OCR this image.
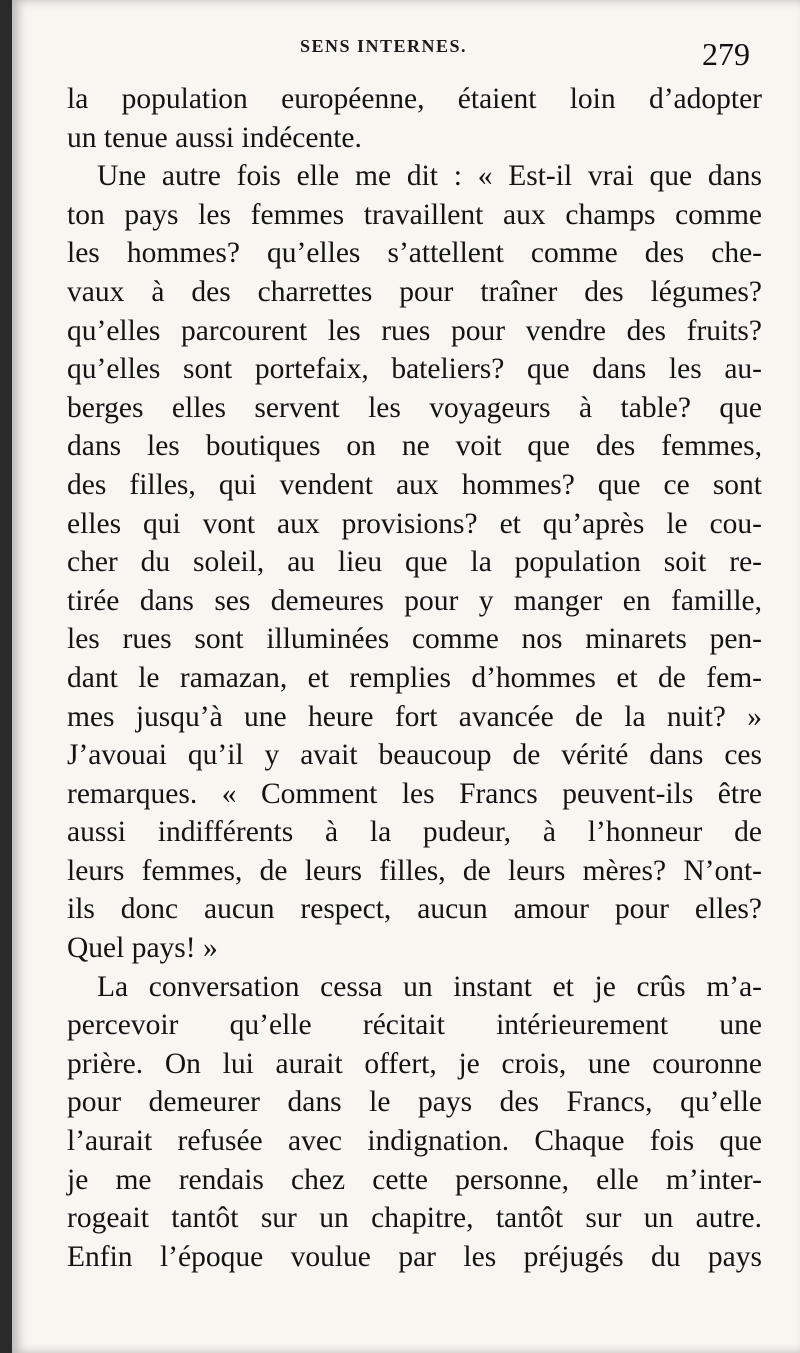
SENS INTERNES.	279
la population européenne, étaient loin d’adopter
un tenue aussi indécente.
Une autre fois elle me dit : « Est-il vrai que dans
ton pays les femmes travaillent aux champs comme
les hommes? qu’elles s’attellent comme des che-
vaux à des charrettes pour traîner des légumes?
qu’elles parcourent les rues pour vendre des fruits?
qu’elles sont portefaix, bateliers? que dans les au-
berges elles servent les voyageurs à table? que
dans les boutiques on ne voit que des femmes,
des filles, qui vendent aux hommes? que ce sont
elles qui vont aux provisions? et qu’après le cou-
cher du soleil, au lieu que la population soit re-
tirée dans ses demeures pour y manger en famille,
les rues sont illuminées comme nos minarets pen-
dant le ramazan, et remplies d’hommes et de fem-
mes jusqu’à une heure fort avancée de la nuit? »
J’avouai qu’il y avait beaucoup de vérité dans ces
remarques. « Comment les Francs peuvent-ils être
aussi indifférents à la pudeur, à l’honneur de
leurs femmes, de leurs filles, de leurs mères? N’ont-
ils donc aucun respect, aucun amour pour elles?
Quel pays! »
La conversation cessa un instant et je crûs m’a-
percevoir qu’elle récitait intérieurement une
prière. On lui aurait offert, je crois, une couronne
pour demeurer dans le pays des Francs, qu’elle
l’aurait refusée avec indignation. Chaque fois que
je me rendais chez cette personne, elle m’inter-
rogeait tantôt sur un chapitre, tantôt sur un autre.
Enfin l’époque voulue par les préjugés du pays
